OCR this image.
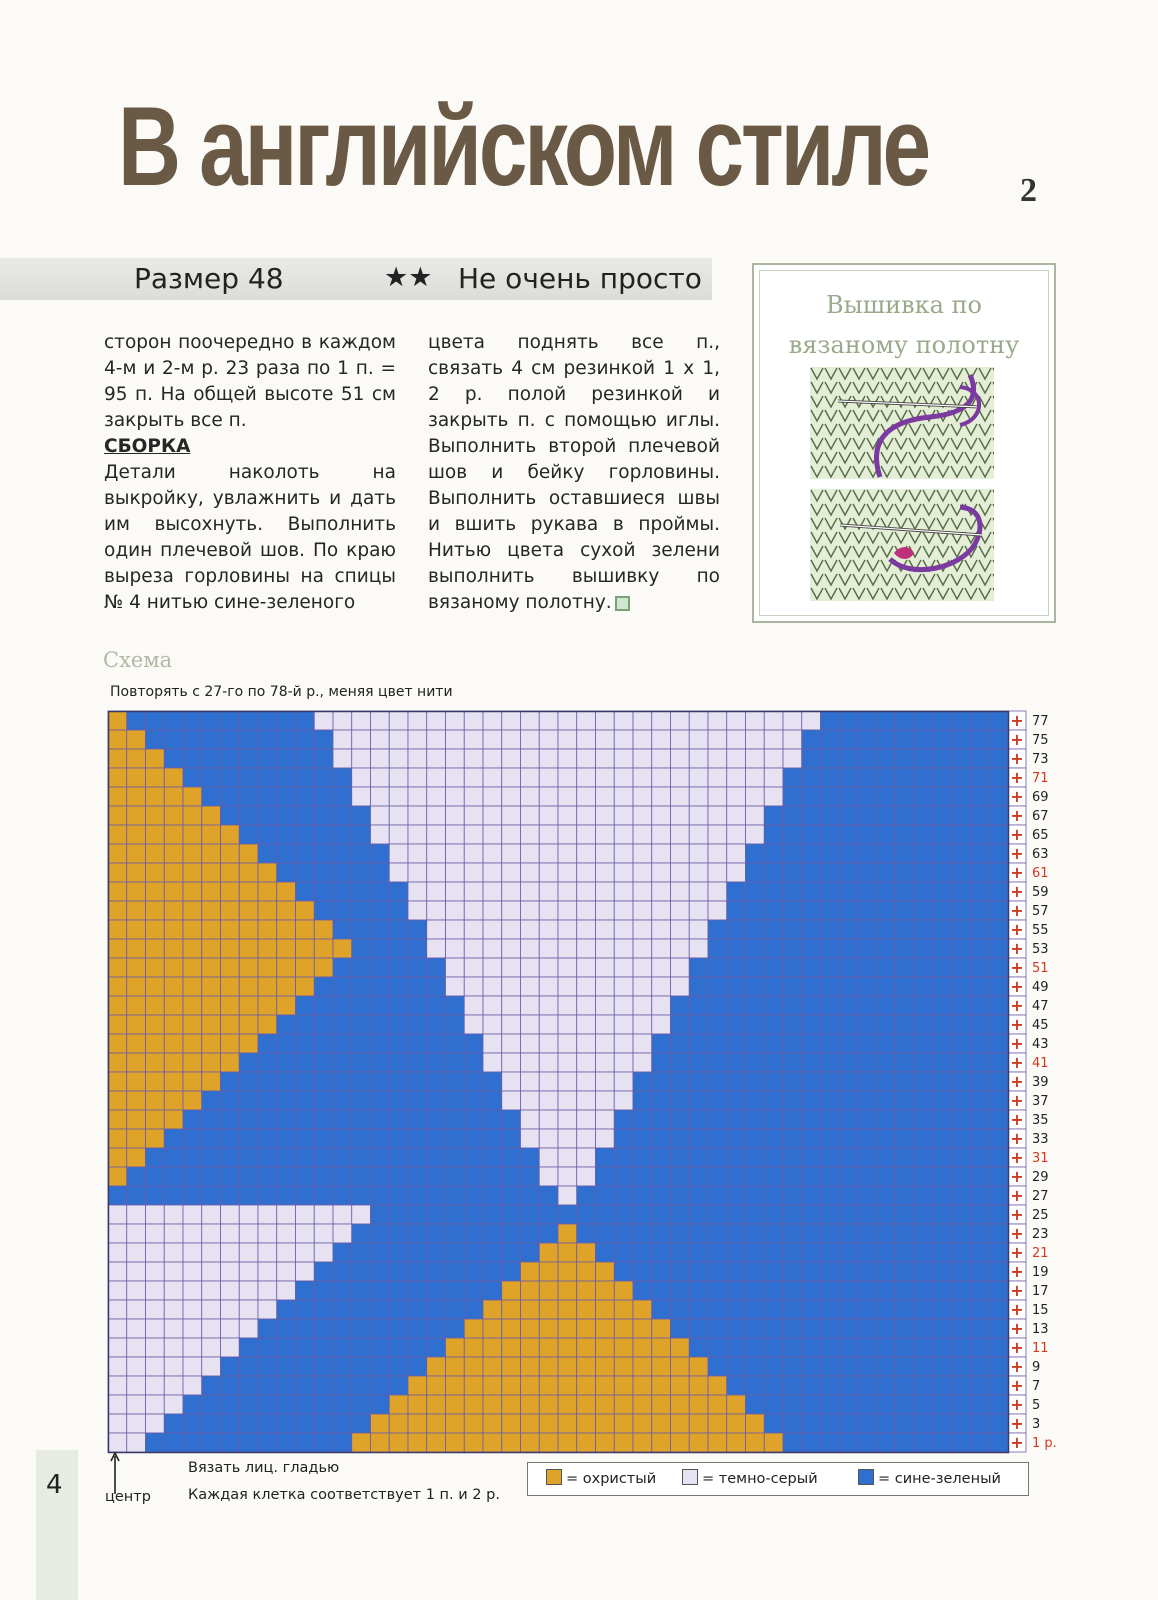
В английском стиле	2
Размер 48	★★ Не очень просто

сторон поочередно в каждом 4-м и 2-м р. 23 раза по 1 п. = 95 п. На общей высоте 51 см закрыть все п.

СБОРКА

Детали наколоть на выкройку, увлажнить и дать им высохнуть. Выполнить один плечевой шов. По краю выреза горловины на спицы № 4 нитью сине-зеленого

цвета поднять все п., связать 4 см резинкой 1 х 1, 2 р. полой резинкой и закрыть п. с помощью иглы. Выполнить второй плечевой шов и бейку горловины. Выполнить оставшиеся швы и вшить рукава в проймы. Нитью цвета сухой зелени выполнить вышивку по вязаному полотну.

Вышивка по
вязаному полотну
Схема
Повторять с 27-го по 78-й р., меняя цвет нити
+
+
+
+
+
+
+
+
+
+
+
+
+
+
+
+
+
+
+
+
+
+
+
+
+
+
+
+
+
+
+
+
+
+
+
+
+
+
+
77
75
73
71
69
67
65
63
61
59
57
55
53
51
49
47
45
43
41
39
37
35
33
31
29
27
25
23
21
19
17
15
13
11
9
7
5
3
1 р.
Вязать лиц. гладью
центр	Каждая клетка соответствует 1 п. и 2 р.
4	= охристый	= темно-серый	= сине-зеленый
